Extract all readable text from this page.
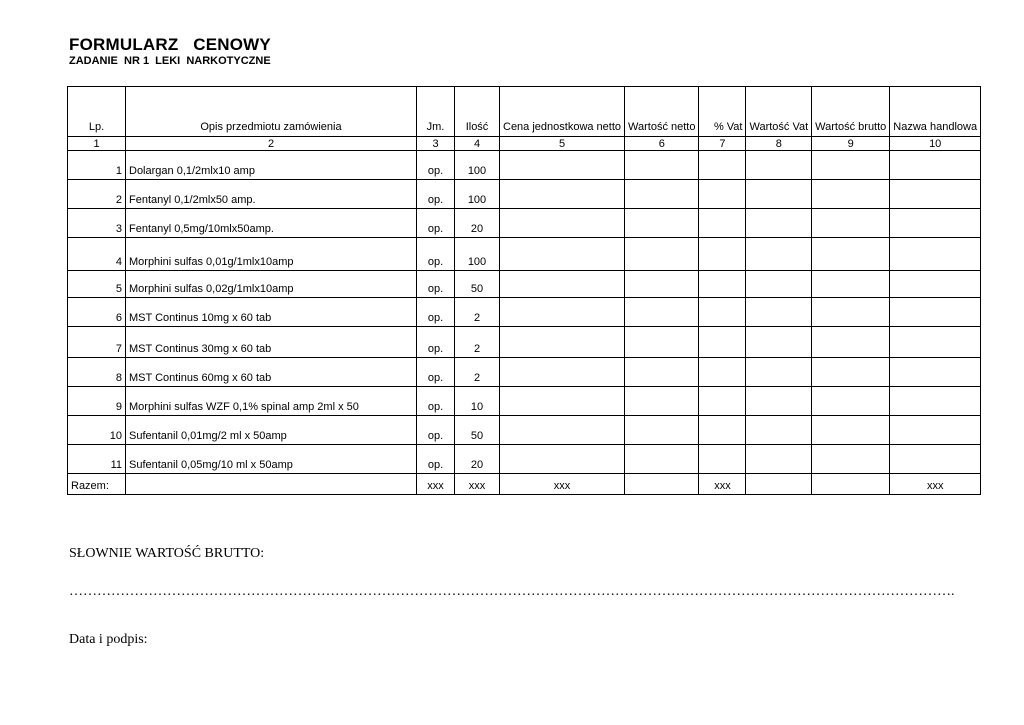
FORMULARZ   CENOWY
ZADANIE  NR 1  LEKI  NARKOTYCZNE
Lp.	Opis przedmiotu zamówienia	Jm.	Ilość	Cena jednostkowa netto	Wartość netto	% Vat	Wartość Vat	Wartość brutto	Nazwa handlowa
1	2	3	4	5	6	7	8	9	10
1	Dolargan 0,1/2mlx10 amp	op.	100						
2	Fentanyl 0,1/2mlx50 amp.	op.	100						
3	Fentanyl 0,5mg/10mlx50amp.	op.	20						
4	Morphini sulfas 0,01g/1mlx10amp	op.	100						
5	Morphini sulfas 0,02g/1mlx10amp	op.	50						
6	MST Continus 10mg x 60 tab	op.	2						
7	MST Continus 30mg x 60 tab	op.	2						
8	MST Continus 60mg x 60 tab	op.	2						
9	Morphini sulfas WZF 0,1% spinal amp 2ml x 50	op.	10						
10	Sufentanil 0,01mg/2 ml x 50amp	op.	50						
11	Sufentanil 0,05mg/10 ml x 50amp	op.	20						
Razem:		xxx	xxx	xxx		xxx			xxx
SŁOWNIE WARTOŚĆ BRUTTO:
……………………………………………………………………………………………………………………………………………………………………….
Data i podpis:
